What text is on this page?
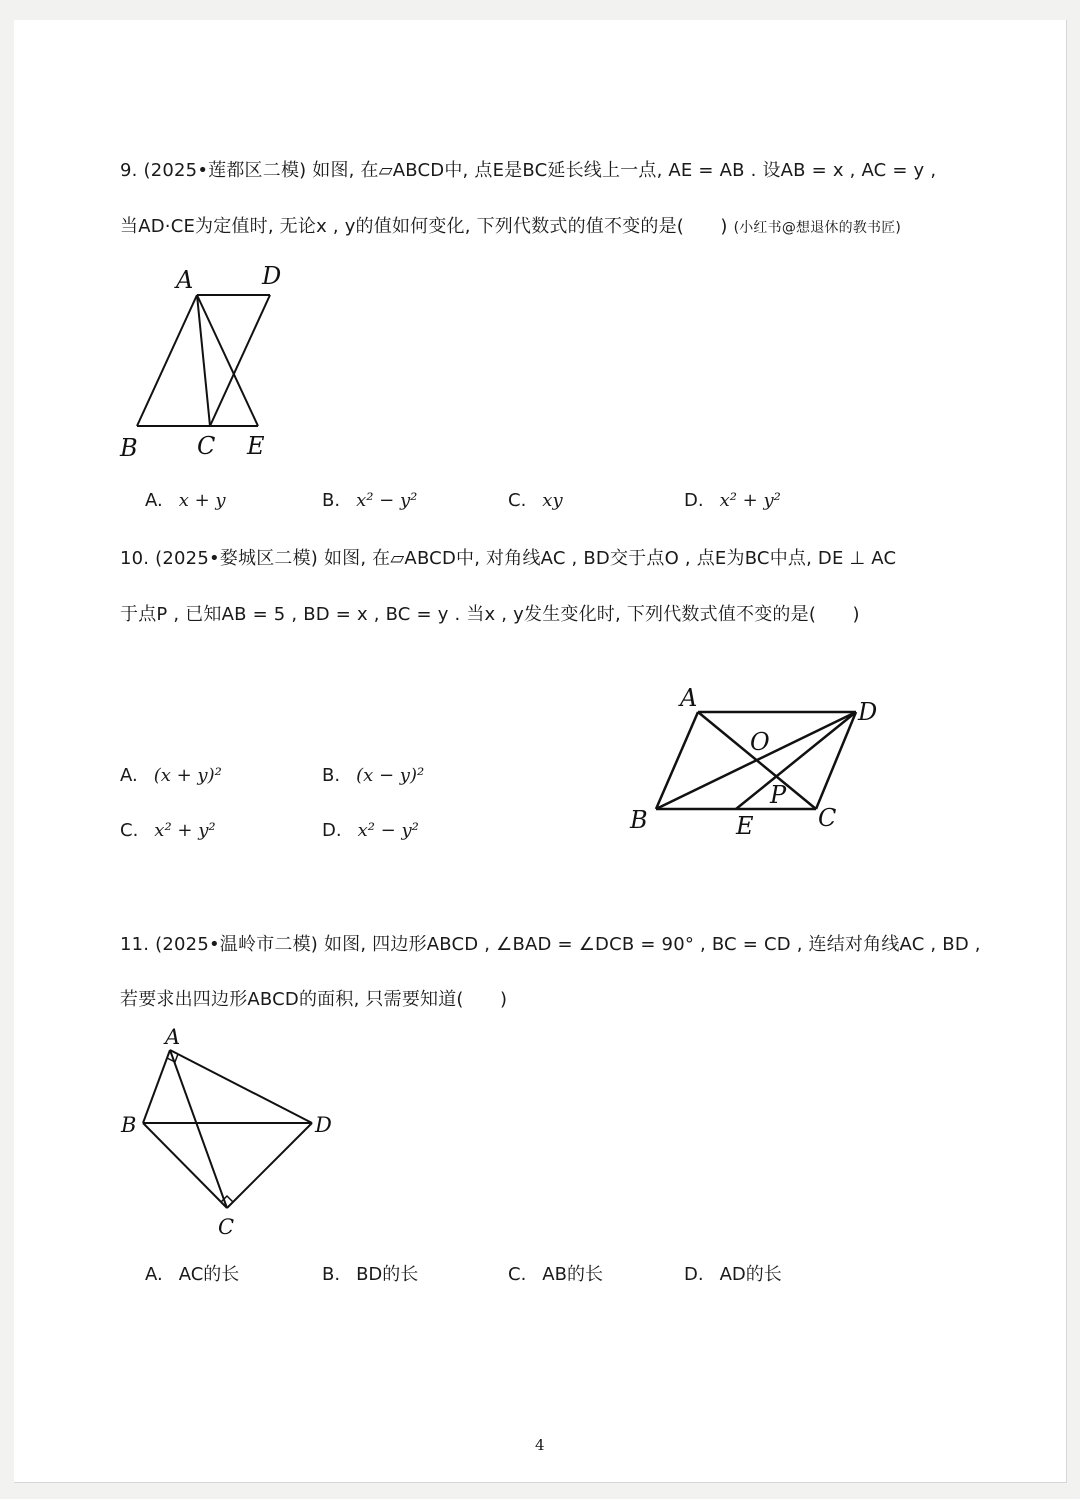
9. (2025•莲都区二模) 如图, 在▱ABCD中, 点E是BC延长线上一点, AE = AB . 设AB = x , AC = y ,
当AD·CE为定值时, 无论x , y的值如何变化, 下列代数式的值不变的是(　　) (小红书@想退休的教书匠)
A	D
B C E
A. x + y	B. x² − y²	C. xy	D. x² + y²
10. (2025•婺城区二模) 如图, 在▱ABCD中, 对角线AC , BD交于点O , 点E为BC中点, DE ⊥ AC
于点P , 已知AB = 5 , BD = x , BC = y . 当x , y发生变化时, 下列代数式值不变的是(　　)
A. (x + y)²	B. (x − y)²
C. x² + y²	D. x² − y²
A	D
O
P
B	E	C
11. (2025•温岭市二模) 如图, 四边形ABCD , ∠BAD = ∠DCB = 90° , BC = CD , 连结对角线AC , BD ,
若要求出四边形ABCD的面积, 只需要知道(　　)
A
B
C
D
A. AC的长	B. BD的长	C. AB的长	D. AD的长
4
